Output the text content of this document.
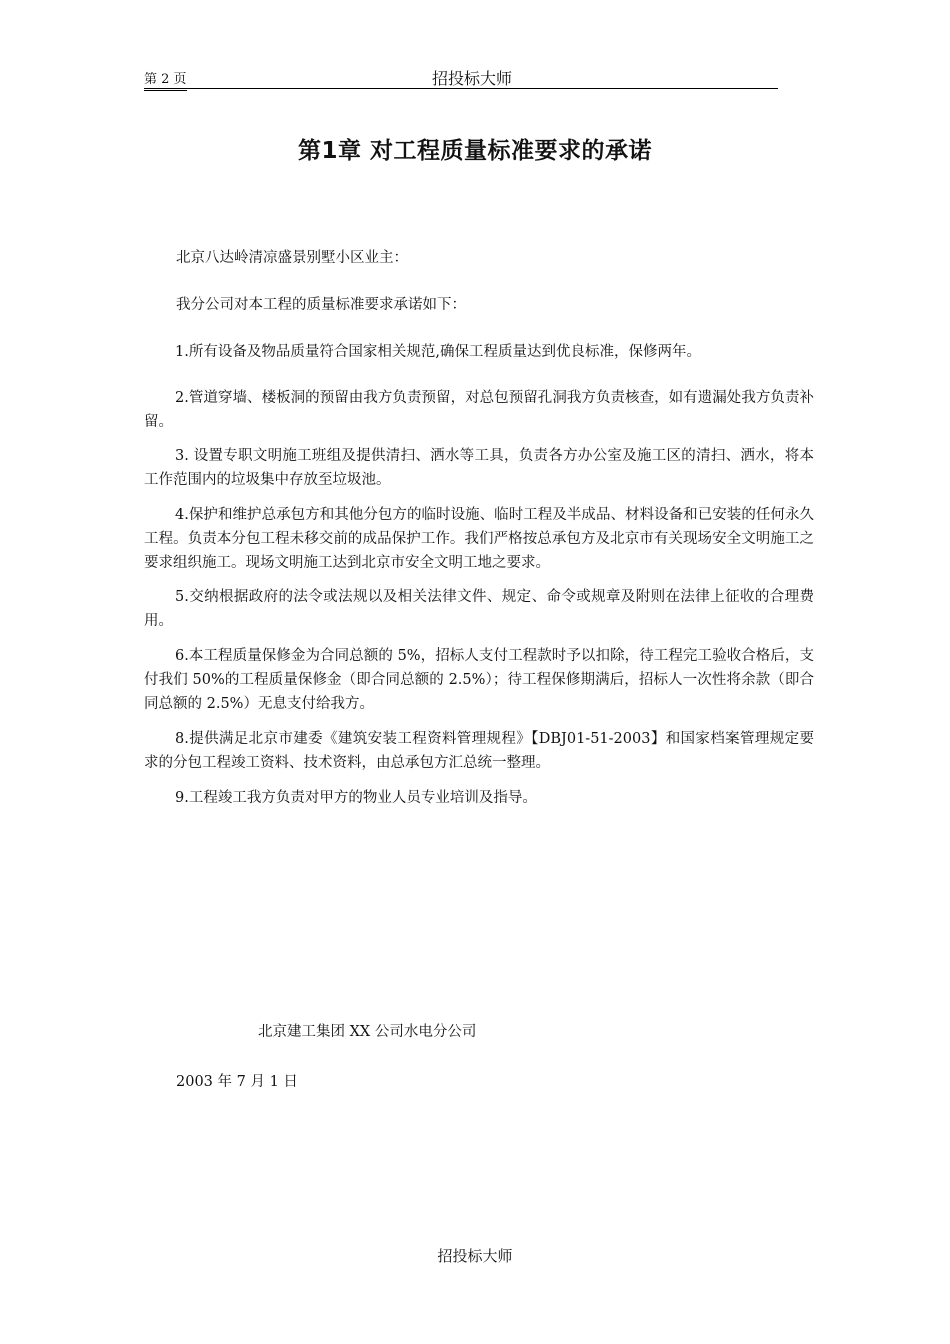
第 2 页	招投标大师
第1章 对工程质量标准要求的承诺
北京八达岭清凉盛景别墅小区业主：
我分公司对本工程的质量标准要求承诺如下：

1.所有设备及物品质量符合国家相关规范,确保工程质量达到优良标准，保修两年。

2.管道穿墙、楼板洞的预留由我方负责预留，对总包预留孔洞我方负责核查，如有遗漏处我方负责补留。

3. 设置专职文明施工班组及提供清扫、洒水等工具，负责各方办公室及施工区的清扫、洒水，将本工作范围内的垃圾集中存放至垃圾池。

4.保护和维护总承包方和其他分包方的临时设施、临时工程及半成品、材料设备和已安装的任何永久工程。负责本分包工程未移交前的成品保护工作。我们严格按总承包方及北京市有关现场安全文明施工之要求组织施工。现场文明施工达到北京市安全文明工地之要求。

5.交纳根据政府的法令或法规以及相关法律文件、规定、命令或规章及附则在法律上征收的合理费用。

6.本工程质量保修金为合同总额的 5%，招标人支付工程款时予以扣除，待工程完工验收合格后，支付我们 50%的工程质量保修金（即合同总额的 2.5%）；待工程保修期满后，招标人一次性将余款（即合同总额的 2.5%）无息支付给我方。

8.提供满足北京市建委《建筑安装工程资料管理规程》【DBJ01-51-2003】和国家档案管理规定要求的分包工程竣工资料、技术资料，由总承包方汇总统一整理。

9.工程竣工我方负责对甲方的物业人员专业培训及指导。

北京建工集团 XX 公司水电分公司
2003 年 7 月 1 日
招投标大师
